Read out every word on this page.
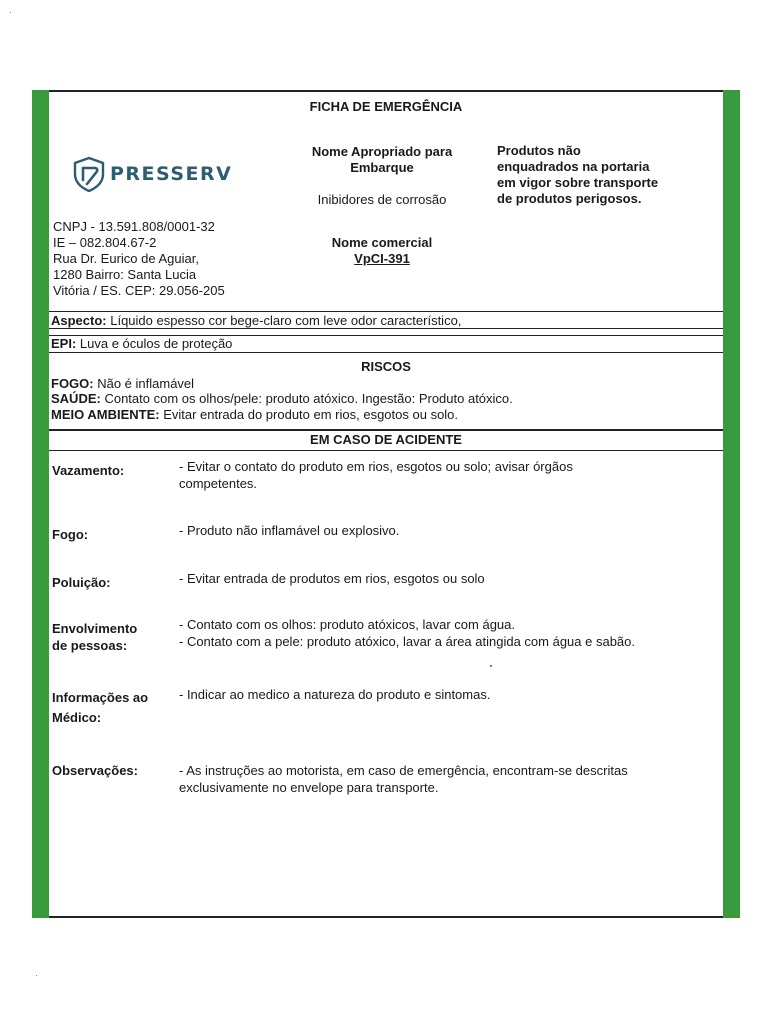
FICHA DE EMERGÊNCIA
PRESSERV
Nome Apropriado para
Embarque
Inibidores de corrosão
Nome comercial
VpCI-391
Produtos não
enquadrados na portaria
em vigor sobre transporte
de produtos perigosos.
CNPJ - 13.591.808/0001-32
IE – 082.804.67-2
Rua Dr. Eurico de Aguiar,
1280 Bairro: Santa Lucia
Vitória / ES. CEP: 29.056-205
Aspecto: Líquido espesso cor bege-claro com leve odor característico,
EPI: Luva e óculos de proteção
RISCOS
FOGO: Não é inflamável
SAÚDE: Contato com os olhos/pele: produto atóxico. Ingestão: Produto atóxico.
MEIO AMBIENTE: Evitar entrada do produto em rios, esgotos ou solo.
EM CASO DE ACIDENTE
Vazamento:	- Evitar o contato do produto em rios, esgotos ou solo; avisar órgãos
competentes.
Fogo:	- Produto não inflamável ou explosivo.
Poluição:	- Evitar entrada de produtos em rios, esgotos ou solo
Envolvimento
de pessoas:
- Contato com os olhos: produto atóxicos, lavar com água.
- Contato com a pele: produto atóxico, lavar a área atingida com água e sabão.
Informações ao
Médico:
- Indicar ao medico a natureza do produto e sintomas.
Observações:	- As instruções ao motorista, em caso de emergência, encontram-se descritas
exclusivamente no envelope para transporte.
